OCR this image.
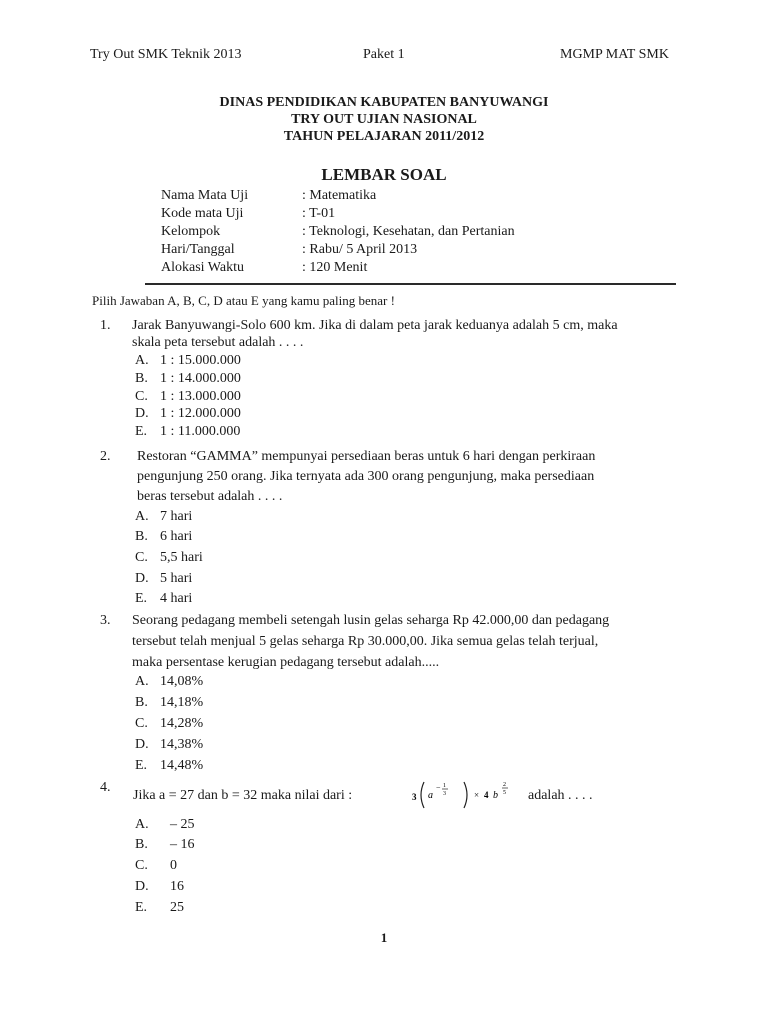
Try Out SMK Teknik 2013	Paket 1	MGMP MAT SMK
DINAS PENDIDIKAN KABUPATEN BANYUWANGI
TRY OUT UJIAN NASIONAL
TAHUN PELAJARAN 2011/2012
LEMBAR SOAL
Nama Mata Uji	: Matematika
Kode mata Uji	: T-01
Kelompok	: Teknologi, Kesehatan, dan Pertanian
Hari/Tanggal	: Rabu/ 5 April 2013
Alokasi Waktu	: 120 Menit
Pilih Jawaban A, B, C, D atau E yang kamu paling benar !
1. Jarak Banyuwangi-Solo 600 km. Jika di dalam peta jarak keduanya adalah 5 cm, maka
skala peta tersebut adalah . . . .
A. 1 : 15.000.000
B. 1 : 14.000.000
C. 1 : 13.000.000
D. 1 : 12.000.000
E. 1 : 11.000.000
2. Restoran “GAMMA” mempunyai persediaan beras untuk 6 hari dengan perkiraan
pengunjung 250 orang. Jika ternyata ada 300 orang pengunjung, maka persediaan
beras tersebut adalah . . . .
A. 7 hari
B. 6 hari
C. 5,5 hari
D. 5 hari
E. 4 hari
3. Seorang pedagang membeli setengah lusin gelas seharga Rp 42.000,00 dan pedagang
tersebut telah menjual 5 gelas seharga Rp 30.000,00. Jika semua gelas telah terjual,
maka persentase kerugian pedagang tersebut adalah.....
A. 14,08%
B. 14,18%
C. 14,28%
D. 14,38%
E. 14,48%
4.
Jika a = 27 dan b = 32 maka nilai dari :	3 a
− 1
3	× 4 b
2
5 adalah . . . .
A. – 25
B. – 16
C. 0
D. 16
E. 25
1
